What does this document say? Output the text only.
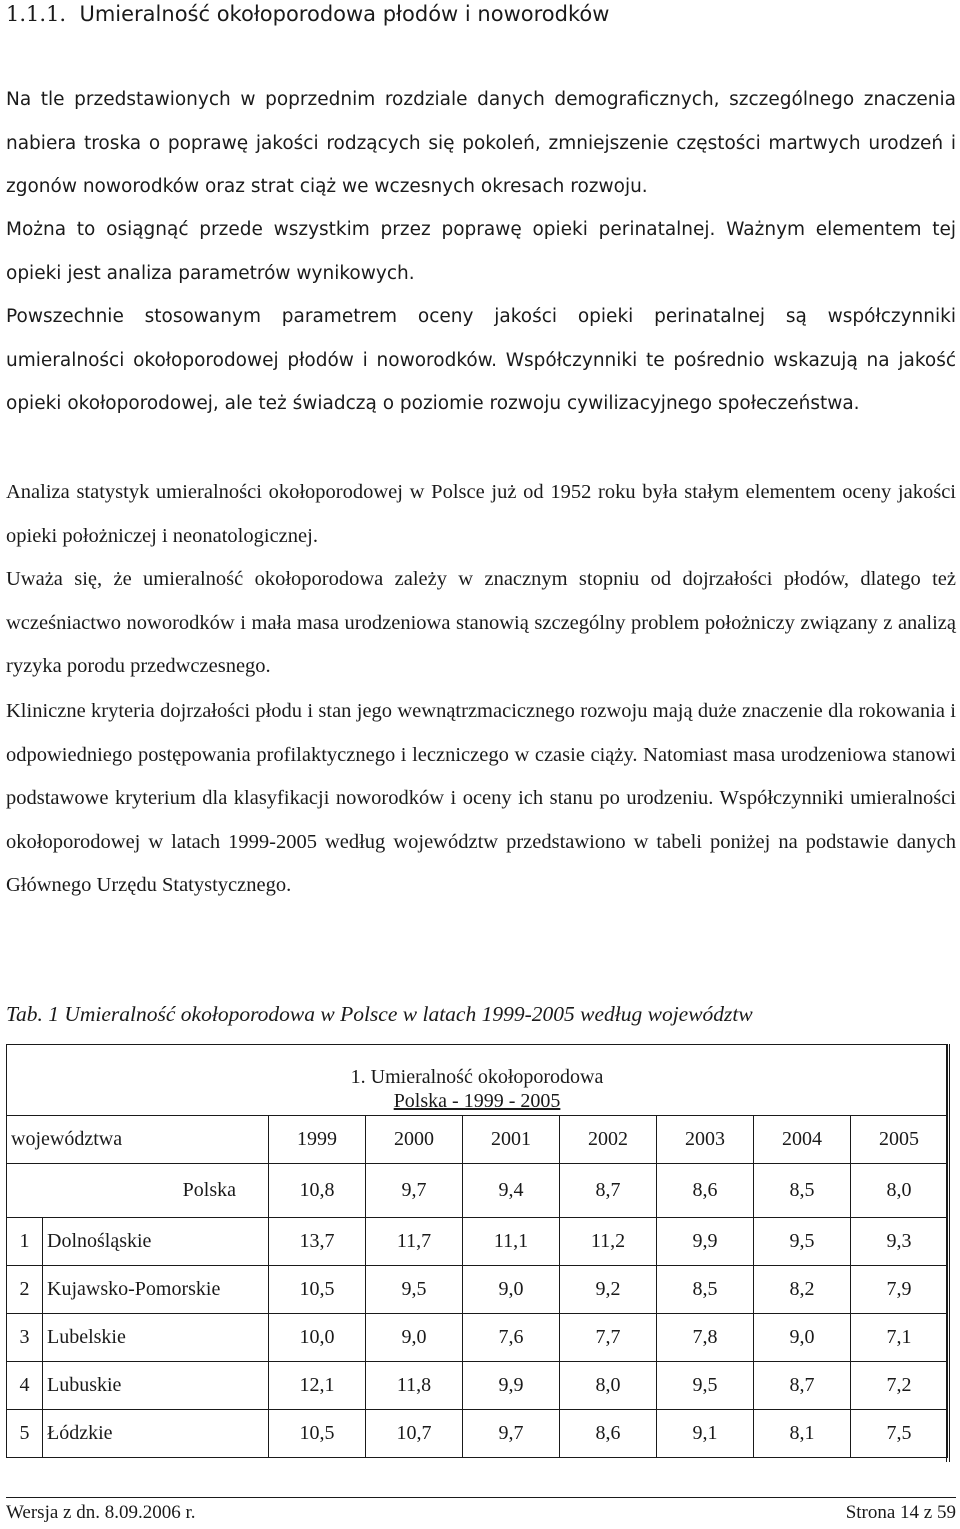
1.1.1. Umieralność okołoporodowa płodów i noworodków

Na tle przedstawionych w poprzednim rozdziale danych demograficznych, szczególnego znaczenia nabiera troska o poprawę jakości rodzących się pokoleń, zmniejszenie częstości martwych urodzeń i zgonów noworodków oraz strat ciąż we wczesnych okresach rozwoju.

Można to osiągnąć przede wszystkim przez poprawę opieki perinatalnej. Ważnym elementem tej opieki jest analiza parametrów wynikowych.

Powszechnie stosowanym parametrem oceny jakości opieki perinatalnej są współczynniki umieralności okołoporodowej płodów i noworodków. Współczynniki te pośrednio wskazują na jakość opieki okołoporodowej, ale też świadczą o poziomie rozwoju cywilizacyjnego społeczeństwa.

Analiza statystyk umieralności okołoporodowej w Polsce już od 1952 roku była stałym elementem oceny jakości opieki położniczej i neonatologicznej.

Uważa się, że umieralność okołoporodowa zależy w znacznym stopniu od dojrzałości płodów, dlatego też wcześniactwo noworodków i mała masa urodzeniowa stanowią szczególny problem położniczy związany z analizą ryzyka porodu przedwczesnego.

Kliniczne kryteria dojrzałości płodu i stan jego wewnątrzmacicznego rozwoju mają duże znaczenie dla rokowania i odpowiedniego postępowania profilaktycznego i leczniczego w czasie ciąży. Natomiast masa urodzeniowa stanowi podstawowe kryterium dla klasyfikacji noworodków i oceny ich stanu po urodzeniu. Współczynniki umieralności okołoporodowej w latach 1999-2005 według województw przedstawiono w tabeli poniżej na podstawie danych Głównego Urzędu Statystycznego.

Tab. 1 Umieralność okołoporodowa w Polsce w latach 1999-2005 według województw

1. Umieralność okołoporodowa
Polska - 1999 - 2005								

województwa		1999	2000	2001	2002	2003	2004	2005
Polska		10,8	9,7	9,4	8,7	8,6	8,5	8,0
1	Dolnośląskie	13,7	11,7	11,1	11,2	9,9	9,5	9,3
2	Kujawsko-Pomorskie	10,5	9,5	9,0	9,2	8,5	8,2	7,9
3	Lubelskie	10,0	9,0	7,6	7,7	7,8	9,0	7,1
4	Lubuskie	12,1	11,8	9,9	8,0	9,5	8,7	7,2
5	Łódzkie	10,5	10,7	9,7	8,6	9,1	8,1	7,5
Wersja z dn. 8.09.2006 r.	Strona 14 z 59
